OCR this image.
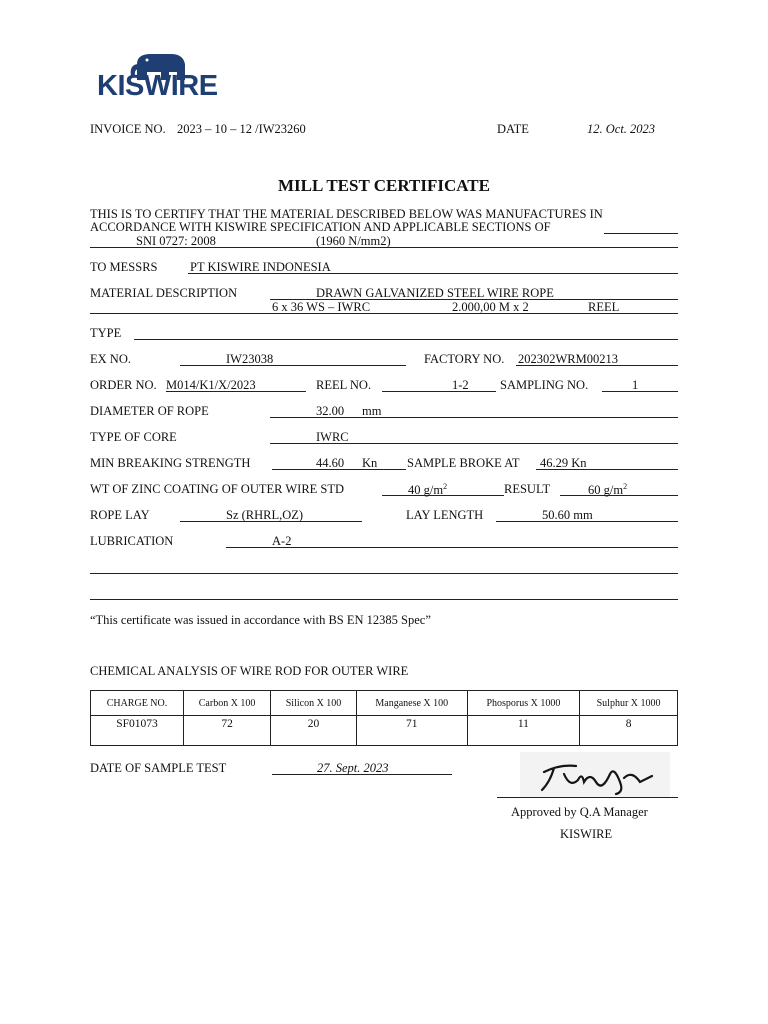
KISWIRE
INVOICE NO. 2023 – 10 – 12 /IW23260	DATE	12. Oct. 2023
MILL TEST CERTIFICATE
THIS IS TO CERTIFY THAT THE MATERIAL DESCRIBED BELOW WAS MANUFACTURES IN
ACCORDANCE WITH KISWIRE SPECIFICATION AND APPLICABLE SECTIONS OF
SNI 0727: 2008	(1960 N/mm2)
TO MESSRS	PT KISWIRE INDONESIA
MATERIAL DESCRIPTION	DRAWN GALVANIZED STEEL WIRE ROPE
6 x 36 WS – IWRC	2.000,00 M x 2	REEL
TYPE
EX NO.	IW23038	FACTORY NO. 202302WRM00213
ORDER NO. M014/K1/X/2023	REEL NO.	1-2	SAMPLING NO.	1
DIAMETER OF ROPE	32.00 mm
TYPE OF CORE	IWRC
MIN BREAKING STRENGTH	44.60 Kn SAMPLE BROKE AT 46.29 Kn
WT OF ZINC COATING OF OUTER WIRE STD	40 $g/m^2$	RESULT	60 $g/m^2$
ROPE LAY	Sz (RHRL,OZ)	LAY LENGTH	50.60 mm
LUBRICATION	A-2
“This certificate was issued in accordance with BS EN 12385 Spec”
CHEMICAL ANALYSIS OF WIRE ROD FOR OUTER WIRE
CHARGE NO.	Carbon X 100	Silicon X 100	Manganese X 100	Phosporus X 1000	Sulphur X 1000
SF01073	72	20	71	11	8
DATE OF SAMPLE TEST	27. Sept. 2023
Approved by Q.A Manager
KISWIRE
